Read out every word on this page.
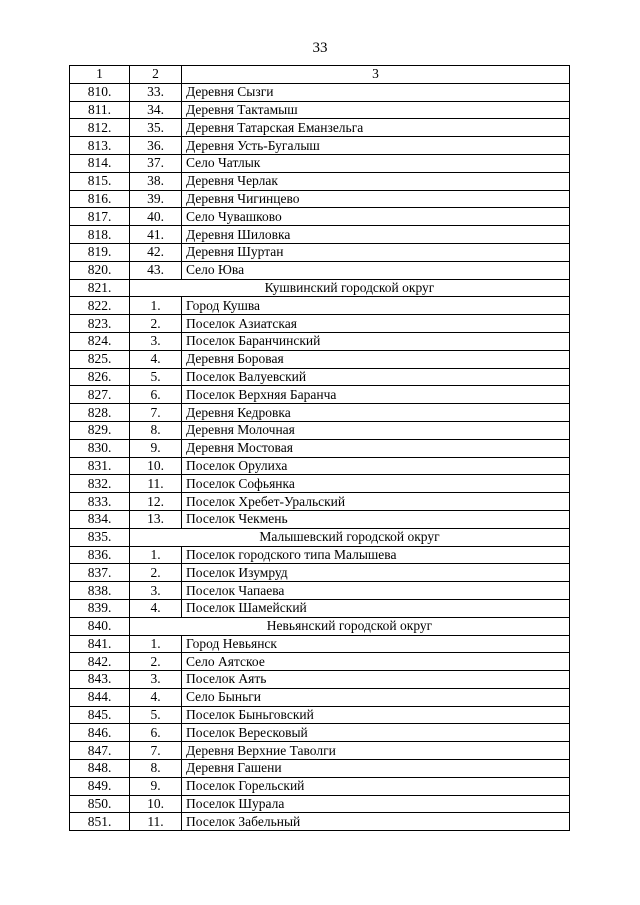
33
1	2	3
810.	33.	Деревня Сызги
811.	34.	Деревня Тактамыш
812.	35.	Деревня Татарская Еманзельга
813.	36.	Деревня Усть-Бугалыш
814.	37.	Село Чатлык
815.	38.	Деревня Черлак
816.	39.	Деревня Чигинцево
817.	40.	Село Чувашково
818.	41.	Деревня Шиловка
819.	42.	Деревня Шуртан
820.	43.	Село Юва
821.	Кушвинский городской округ	
822.	1.	Город Кушва
823.	2.	Поселок Азиатская
824.	3.	Поселок Баранчинский
825.	4.	Деревня Боровая
826.	5.	Поселок Валуевский
827.	6.	Поселок Верхняя Баранча
828.	7.	Деревня Кедровка
829.	8.	Деревня Молочная
830.	9.	Деревня Мостовая
831.	10.	Поселок Орулиха
832.	11.	Поселок Софьянка
833.	12.	Поселок Хребет-Уральский
834.	13.	Поселок Чекмень
835.	Малышевский городской округ	
836.	1.	Поселок городского типа Малышева
837.	2.	Поселок Изумруд
838.	3.	Поселок Чапаева
839.	4.	Поселок Шамейский
840.	Невьянский городской округ	
841.	1.	Город Невьянск
842.	2.	Село Аятское
843.	3.	Поселок Аять
844.	4.	Село Быньги
845.	5.	Поселок Быньговский
846.	6.	Поселок Вересковый
847.	7.	Деревня Верхние Таволги
848.	8.	Деревня Гашени
849.	9.	Поселок Горельский
850.	10.	Поселок Шурала
851.	11.	Поселок Забельный
